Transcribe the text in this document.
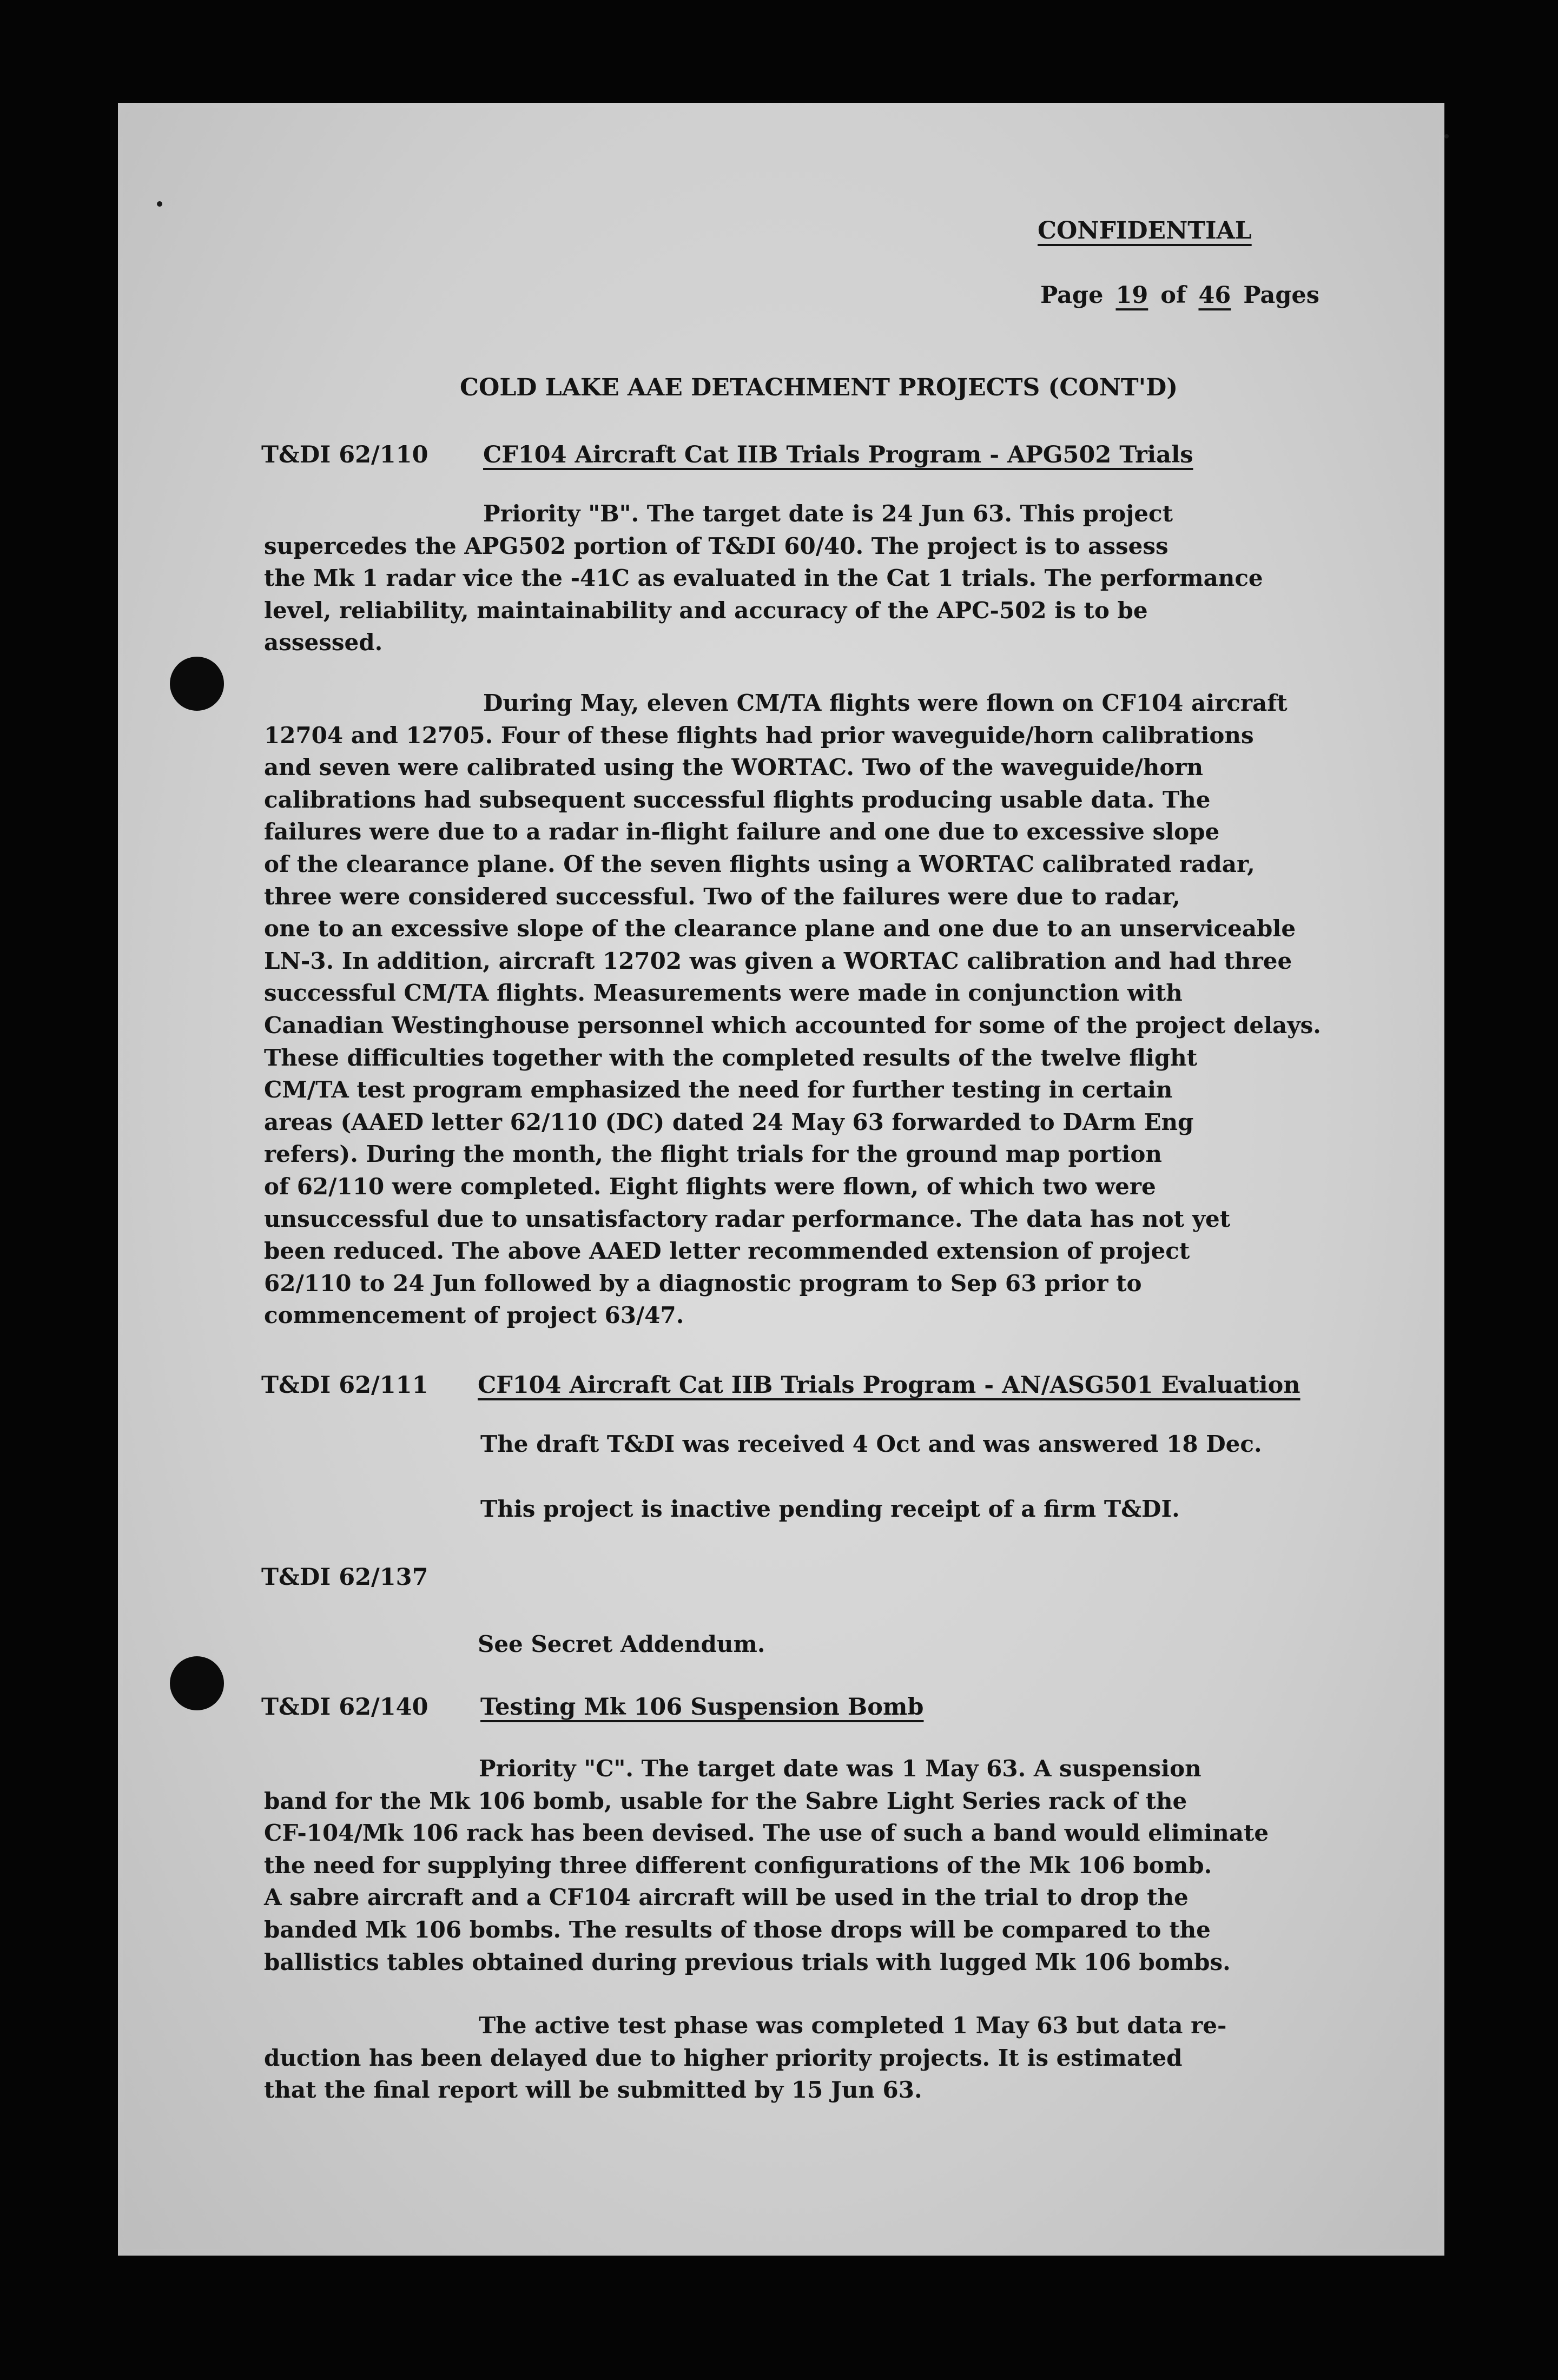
CONFIDENTIAL
Page 19 of 46 Pages
COLD LAKE AAE DETACHMENT PROJECTS (CONT'D)
T&DI 62/110 CF104 Aircraft Cat IIB Trials Program - APG502 Trials
Priority "B". The target date is 24 Jun 63. This project
supercedes the APG502 portion of T&DI 60/40. The project is to assess
the Mk 1 radar vice the -41C as evaluated in the Cat 1 trials. The performance
level, reliability, maintainability and accuracy of the APC-502 is to be
assessed.
During May, eleven CM/TA flights were flown on CF104 aircraft
12704 and 12705. Four of these flights had prior waveguide/horn calibrations
and seven were calibrated using the WORTAC. Two of the waveguide/horn
calibrations had subsequent successful flights producing usable data. The
failures were due to a radar in-flight failure and one due to excessive slope
of the clearance plane. Of the seven flights using a WORTAC calibrated radar,
three were considered successful. Two of the failures were due to radar,
one to an excessive slope of the clearance plane and one due to an unserviceable
LN-3. In addition, aircraft 12702 was given a WORTAC calibration and had three
successful CM/TA flights. Measurements were made in conjunction with
Canadian Westinghouse personnel which accounted for some of the project delays.
These difficulties together with the completed results of the twelve flight
CM/TA test program emphasized the need for further testing in certain
areas (AAED letter 62/110 (DC) dated 24 May 63 forwarded to DArm Eng
refers). During the month, the flight trials for the ground map portion
of 62/110 were completed. Eight flights were flown, of which two were
unsuccessful due to unsatisfactory radar performance. The data has not yet
been reduced. The above AAED letter recommended extension of project
62/110 to 24 Jun followed by a diagnostic program to Sep 63 prior to
commencement of project 63/47.
T&DI 62/111 CF104 Aircraft Cat IIB Trials Program - AN/ASG501 Evaluation
The draft T&DI was received 4 Oct and was answered 18 Dec.
This project is inactive pending receipt of a firm T&DI.
T&DI 62/137
See Secret Addendum.
T&DI 62/140 Testing Mk 106 Suspension Bomb
Priority "C". The target date was 1 May 63. A suspension
band for the Mk 106 bomb, usable for the Sabre Light Series rack of the
CF-104/Mk 106 rack has been devised. The use of such a band would eliminate
the need for supplying three different configurations of the Mk 106 bomb.
A sabre aircraft and a CF104 aircraft will be used in the trial to drop the
banded Mk 106 bombs. The results of those drops will be compared to the
ballistics tables obtained during previous trials with lugged Mk 106 bombs.
The active test phase was completed 1 May 63 but data re-
duction has been delayed due to higher priority projects. It is estimated
that the final report will be submitted by 15 Jun 63.
